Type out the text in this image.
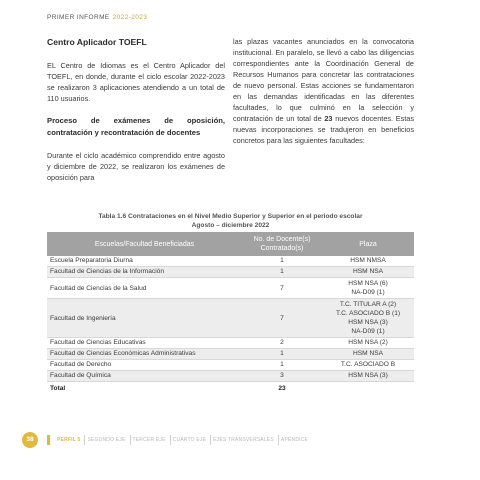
PRIMER INFORME 2022-2023
Centro Aplicador TOEFL

EL Centro de Idiomas es el Centro Aplicador del TOEFL, en donde, durante el ciclo escolar 2022-2023 se realizaron 3 aplicaciones atendiendo a un total de 110 usuarios.

Proceso de exámenes de oposición, contratación y recontratación de docentes

Durante el ciclo académico comprendido entre agosto y diciembre de 2022, se realizaron los exámenes de oposición para

las plazas vacantes anunciados en la convocatoria institucional. En paralelo, se llevó a cabo las diligencias correspondientes ante la Coordinación General de Recursos Humanos para concretar las contrataciones de nuevo personal. Estas acciones se fundamentaron en las demandas identificadas en las diferentes facultades, lo que culminó en la selección y contratación de un total de 23 nuevos docentes. Estas nuevas incorporaciones se tradujeron en beneficios concretos para las siguientes facultades:

Tabla 1.6 Contrataciones en el Nivel Medio Superior y Superior en el periodo escolar
Agosto – diciembre 2022
Escuelas/Facultad Beneficiadas	No. de Docente(s) Contratado(s)	Plaza
Escuela Preparatoria Diurna	1	HSM NMSA

Facultad de Ciencias de la Información	1	HSM NSA

Facultad de Ciencias de la Salud	7	HSM NSA (6)
NA-D09 (1)

Facultad de Ingeniería	7	T.C. TITULAR A (2)
T.C. ASOCIADO B (1)
HSM NSA (3)
NA-D09 (1)

Facultad de Ciencias Educativas	2	HSM NSA (2)

Facultad de Ciencias Económicas Administrativas	1	HSM NSA

Facultad de Derecho	1	T.C. ASOCIADO B

Facultad de Química	3	HSM NSA (3)

Total	23	
38	PERFIL 5	SEGUNDO EJE	TERCER EJE	CUARTO EJE	EJES TRANSVERSALES	APÉNDICE
